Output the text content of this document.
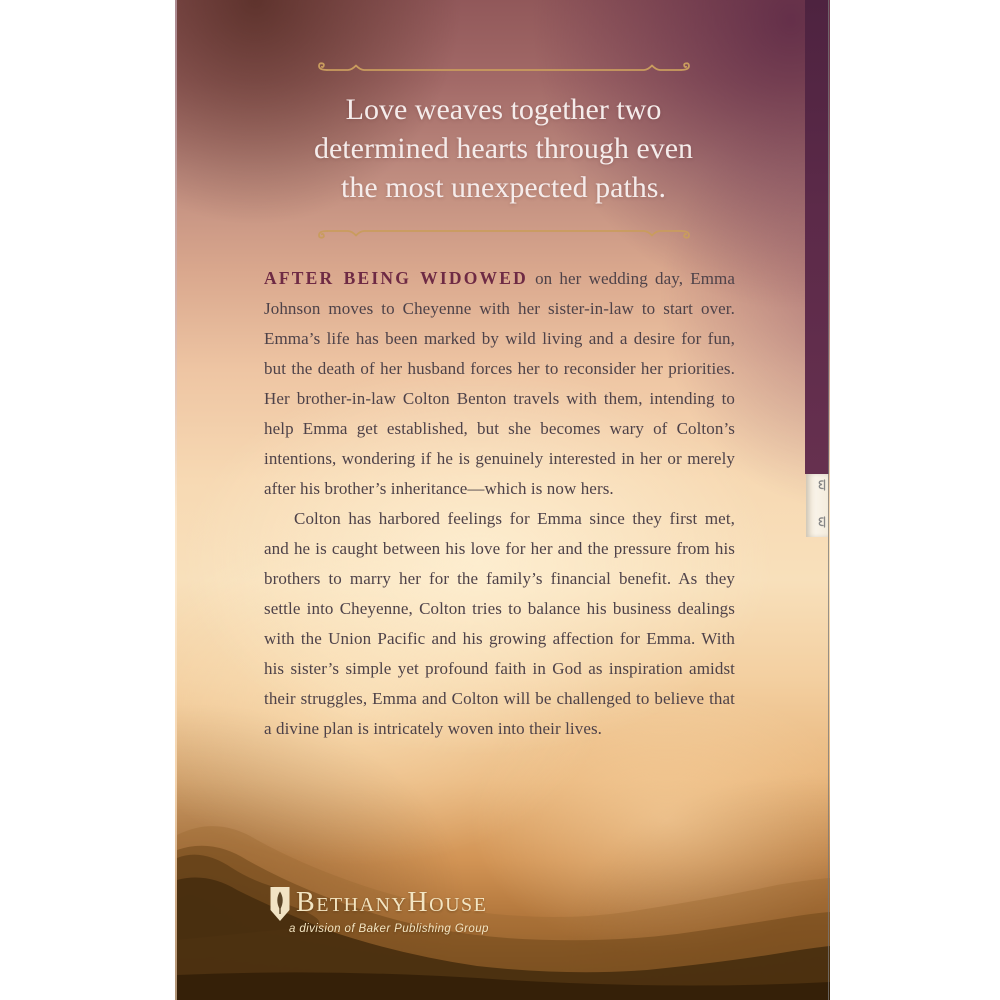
Love weaves together two
determined hearts through even
the most unexpected paths.

AFTER BEING WIDOWED on her wedding day, Emma Johnson moves to Cheyenne with her sister-in-law to start over. Emma’s life has been marked by wild living and a desire for fun, but the death of her husband forces her to reconsider her priorities. Her brother-in-law Colton Benton travels with them, intending to help Emma get established, but she becomes wary of Colton’s intentions, wondering if he is genuinely interested in her or merely after his brother’s inheritance—which is now hers.

Colton has harbored feelings for Emma since they first met, and he is caught between his love for her and the pressure from his brothers to marry her for the family’s financial benefit. As they settle into Cheyenne, Colton tries to balance his business dealings with the Union Pacific and his growing affection for Emma. With his sister’s simple yet profound faith in God as inspiration amidst their struggles, Emma and Colton will be challenged to believe that a divine plan is intricately woven into their lives.

BETHANYHOUSE
a division of Baker Publishing Group
